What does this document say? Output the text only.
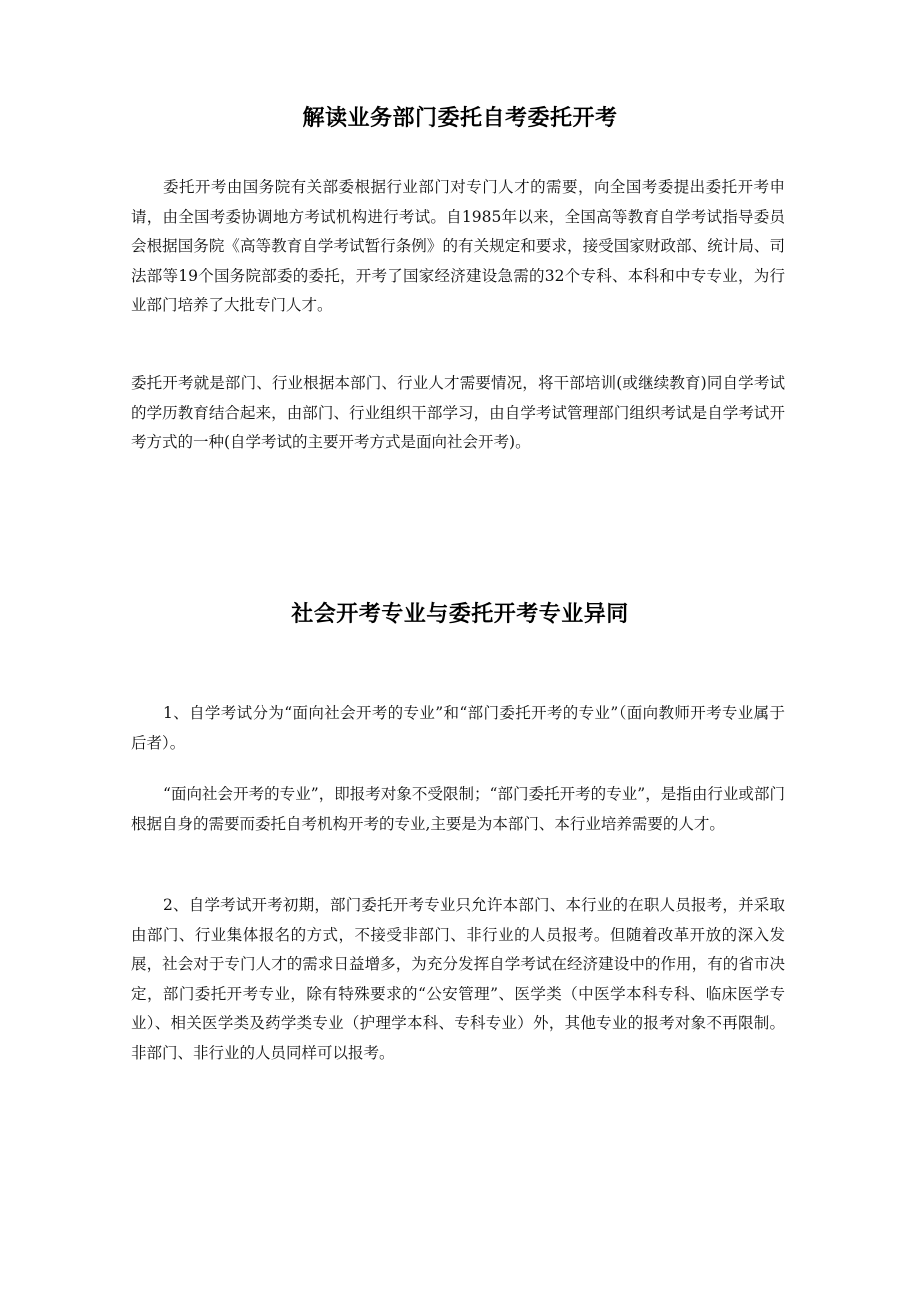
解读业务部门委托自考委托开考

委托开考由国务院有关部委根据行业部门对专门人才的需要，向全国考委提出委托开考申请，由全国考委协调地方考试机构进行考试。自1985年以来，全国高等教育自学考试指导委员会根据国务院《高等教育自学考试暂行条例》的有关规定和要求，接受国家财政部、统计局、司法部等19个国务院部委的委托，开考了国家经济建设急需的32个专科、本科和中专专业，为行业部门培养了大批专门人才。

委托开考就是部门、行业根据本部门、行业人才需要情况，将干部培训(或继续教育)同自学考试的学历教育结合起来，由部门、行业组织干部学习，由自学考试管理部门组织考试是自学考试开考方式的一种(自学考试的主要开考方式是面向社会开考)。

社会开考专业与委托开考专业异同

1、自学考试分为“面向社会开考的专业”和“部门委托开考的专业”（面向教师开考专业属于后者）。

“面向社会开考的专业”，即报考对象不受限制；“部门委托开考的专业”，是指由行业或部门根据自身的需要而委托自考机构开考的专业,主要是为本部门、本行业培养需要的人才。

2、自学考试开考初期，部门委托开考专业只允许本部门、本行业的在职人员报考，并采取由部门、行业集体报名的方式，不接受非部门、非行业的人员报考。但随着改革开放的深入发展，社会对于专门人才的需求日益增多，为充分发挥自学考试在经济建设中的作用，有的省市决定，部门委托开考专业，除有特殊要求的“公安管理”、医学类（中医学本科专科、临床医学专业）、相关医学类及药学类专业（护理学本科、专科专业）外，其他专业的报考对象不再限制。非部门、非行业的人员同样可以报考。
